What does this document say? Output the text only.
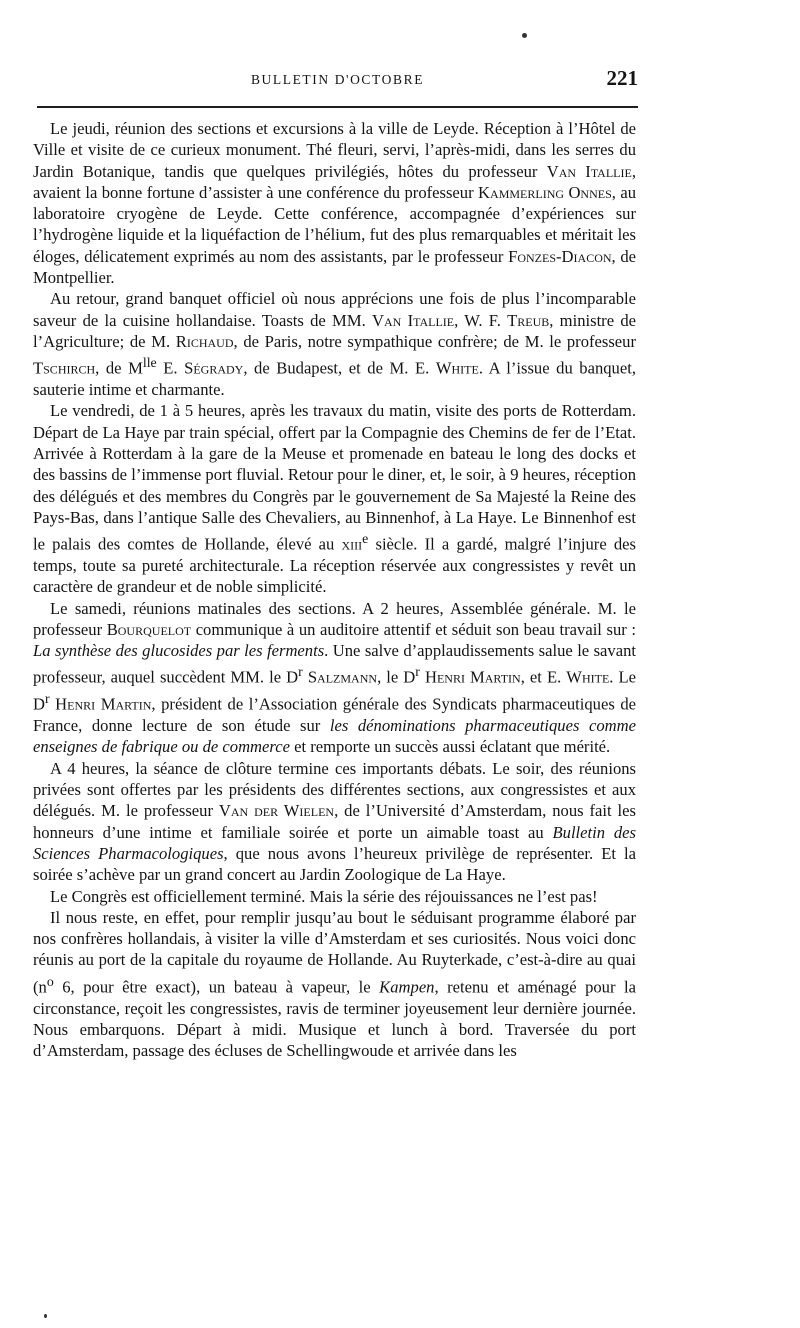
BULLETIN D'OCTOBRE	221

Le jeudi, réunion des sections et excursions à la ville de Leyde. Réception à l’Hôtel de Ville et visite de ce curieux monument. Thé fleuri, servi, l’après-midi, dans les serres du Jardin Botanique, tandis que quelques privilégiés, hôtes du professeur Van Itallie, avaient la bonne fortune d’assister à une conférence du professeur Kammerling Onnes, au laboratoire cryogène de Leyde. Cette conférence, accompagnée d’expériences sur l’hydrogène liquide et la liquéfaction de l’hélium, fut des plus remarquables et méritait les éloges, délicatement exprimés au nom des assistants, par le professeur Fonzes-Diacon, de Montpellier.

Au retour, grand banquet officiel où nous apprécions une fois de plus l’incomparable saveur de la cuisine hollandaise. Toasts de MM. Van Itallie, W. F. Treub, ministre de l’Agriculture; de M. Richaud, de Paris, notre sympathique confrère; de M. le professeur Tschirch, de $M^{lle}$ E. Ségrady, de Budapest, et de M. E. White. A l’issue du banquet, sauterie intime et charmante.

Le vendredi, de 1 à 5 heures, après les travaux du matin, visite des ports de Rotterdam. Départ de La Haye par train spécial, offert par la Compagnie des Chemins de fer de l’Etat. Arrivée à Rotterdam à la gare de la Meuse et promenade en bateau le long des docks et des bassins de l’immense port fluvial. Retour pour le diner, et, le soir, à 9 heures, réception des délégués et des membres du Congrès par le gouvernement de Sa Majesté la Reine des Pays-Bas, dans l’antique Salle des Chevaliers, au Binnenhof, à La Haye. Le Binnenhof est le palais des comtes de Hollande, élevé au xiii$^e$ siècle. Il a gardé, malgré l’injure des temps, toute sa pureté architecturale. La réception réservée aux congressistes y revêt un caractère de grandeur et de noble simplicité.

Le samedi, réunions matinales des sections. A 2 heures, Assemblée générale. M. le professeur Bourquelot communique à un auditoire attentif et séduit son beau travail sur : La synthèse des glucosides par les ferments. Une salve d’applaudissements salue le savant professeur, auquel succèdent MM. le $D^r$ Salzmann, le $D^r$ Henri Martin, et E. White. Le $D^r$ Henri Martin, président de l’Association générale des Syndicats pharmaceutiques de France, donne lecture de son étude sur les dénominations pharmaceutiques comme enseignes de fabrique ou de commerce et remporte un succès aussi éclatant que mérité.

A 4 heures, la séance de clôture termine ces importants débats. Le soir, des réunions privées sont offertes par les présidents des différentes sections, aux congressistes et aux délégués. M. le professeur Van der Wielen, de l’Université d’Amsterdam, nous fait les honneurs d’une intime et familiale soirée et porte un aimable toast au Bulletin des Sciences Pharmacologiques, que nous avons l’heureux privilège de représenter. Et la soirée s’achève par un grand concert au Jardin Zoologique de La Haye.

Le Congrès est officiellement terminé. Mais la série des réjouissances ne l’est pas!

Il nous reste, en effet, pour remplir jusqu’au bout le séduisant programme élaboré par nos confrères hollandais, à visiter la ville d’Amsterdam et ses curiosités. Nous voici donc réunis au port de la capitale du royaume de Hollande. Au Ruyterkade, c’est-à-dire au quai ($n^o$ 6, pour être exact), un bateau à vapeur, le Kampen, retenu et aménagé pour la circonstance, reçoit les congressistes, ravis de terminer joyeusement leur dernière journée. Nous embarquons. Départ à midi. Musique et lunch à bord. Traversée du port d’Amsterdam, passage des écluses de Schellingwoude et arrivée dans les
